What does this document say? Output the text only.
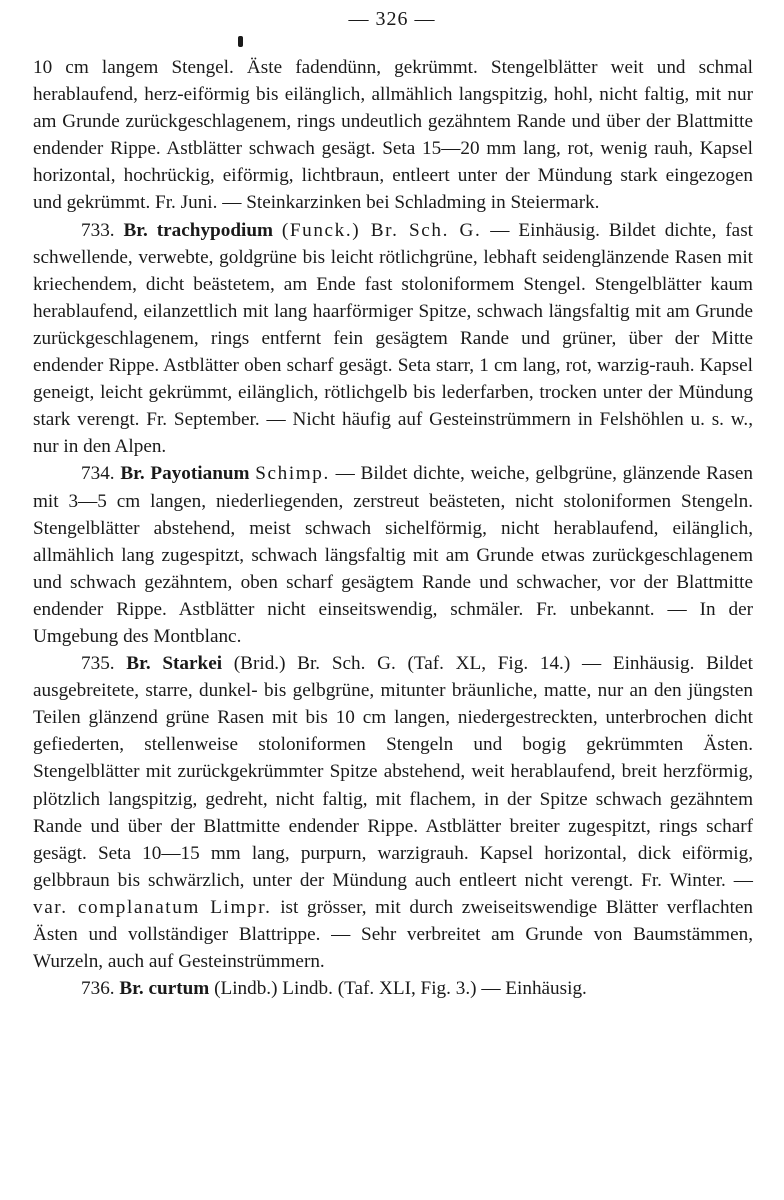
— 326 —

10 cm langem Stengel. Äste fadendünn, gekrümmt. Stengelblätter weit und schmal herablaufend, herz-eiförmig bis eilänglich, allmählich langspitzig, hohl, nicht faltig, mit nur am Grunde zurückgeschlagenem, rings undeutlich gezähntem Rande und über der Blattmitte endender Rippe. Astblätter schwach gesägt. Seta 15—20 mm lang, rot, wenig rauh, Kapsel horizontal, hochrückig, eiförmig, lichtbraun, entleert unter der Mündung stark eingezogen und gekrümmt. Fr. Juni. — Steinkarzinken bei Schladming in Steiermark.

733. Br. trachypodium (Funck.) Br. Sch. G. — Einhäusig. Bildet dichte, fast schwellende, verwebte, goldgrüne bis leicht rötlichgrüne, lebhaft seidenglänzende Rasen mit kriechendem, dicht beästetem, am Ende fast stoloniformem Stengel. Stengelblätter kaum herablaufend, eilanzettlich mit lang haarförmiger Spitze, schwach längsfaltig mit am Grunde zurückgeschlagenem, rings entfernt fein gesägtem Rande und grüner, über der Mitte endender Rippe. Astblätter oben scharf gesägt. Seta starr, 1 cm lang, rot, warzig-rauh. Kapsel geneigt, leicht gekrümmt, eilänglich, rötlichgelb bis lederfarben, trocken unter der Mündung stark verengt. Fr. September. — Nicht häufig auf Gesteinstrümmern in Felshöhlen u. s. w., nur in den Alpen.

734. Br. Payotianum Schimp. — Bildet dichte, weiche, gelbgrüne, glänzende Rasen mit 3—5 cm langen, niederliegenden, zerstreut beästeten, nicht stoloniformen Stengeln. Stengelblätter abstehend, meist schwach sichelförmig, nicht herablaufend, eilänglich, allmählich lang zugespitzt, schwach längsfaltig mit am Grunde etwas zurückgeschlagenem und schwach gezähntem, oben scharf gesägtem Rande und schwacher, vor der Blattmitte endender Rippe. Astblätter nicht einseitswendig, schmäler. Fr. unbekannt. — In der Umgebung des Montblanc.

735. Br. Starkei (Brid.) Br. Sch. G. (Taf. XL, Fig. 14.) — Einhäusig. Bildet ausgebreitete, starre, dunkel- bis gelbgrüne, mitunter bräunliche, matte, nur an den jüngsten Teilen glänzend grüne Rasen mit bis 10 cm langen, niedergestreckten, unterbrochen dicht gefiederten, stellenweise stoloniformen Stengeln und bogig gekrümmten Ästen. Stengelblätter mit zurückgekrümmter Spitze abstehend, weit herablaufend, breit herzförmig, plötzlich langspitzig, gedreht, nicht faltig, mit flachem, in der Spitze schwach gezähntem Rande und über der Blattmitte endender Rippe. Astblätter breiter zugespitzt, rings scharf gesägt. Seta 10—15 mm lang, purpurn, warzigrauh. Kapsel horizontal, dick eiförmig, gelbbraun bis schwärzlich, unter der Mündung auch entleert nicht verengt. Fr. Winter. — var. complanatum Limpr. ist grösser, mit durch zweiseitswendige Blätter verflachten Ästen und vollständiger Blattrippe. — Sehr verbreitet am Grunde von Baumstämmen, Wurzeln, auch auf Gesteinstrümmern.

736. Br. curtum (Lindb.) Lindb. (Taf. XLI, Fig. 3.) — Einhäusig.
